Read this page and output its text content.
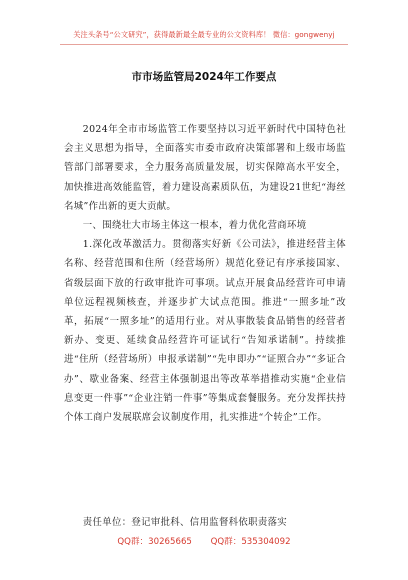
关注头条号“公文研究”，获得最新最全最专业的公文资料库！ 微信：gongwenyj
市市场监管局2024年工作要点

2024年全市市场监管工作要坚持以习近平新时代中国特色社会主义思想为指导，全面落实市委市政府决策部署和上级市场监管部门部署要求，全力服务高质量发展，切实保障高水平安全，加快推进高效能监管，着力建设高素质队伍，为建设21世纪“海丝名城”作出新的更大贡献。

一、围绕壮大市场主体这一根本，着力优化营商环境

1.深化改革激活力。贯彻落实好新《公司法》，推进经营主体名称、经营范围和住所（经营场所）规范化登记有序承接国家、省级层面下放的行政审批许可事项。试点开展食品经营许可申请单位远程视频核查，并逐步扩大试点范围。推进“一照多址”改革，拓展“一照多址”的适用行业。对从事散装食品销售的经营者新办、变更、延续食品经营许可证试行“告知承诺制”。持续推进“住所（经营场所）申报承诺制”“先申即办”“证照合办”“多证合办”、歇业备案、经营主体强制退出等改革举措推动实施“企业信息变更一件事”“企业注销一件事”等集成套餐服务。充分发挥扶持个体工商户发展联席会议制度作用，扎实推进“个转企”工作。

责任单位：登记审批科、信用监督科依职责落实
QQ群：30265665 QQ群：535304092
